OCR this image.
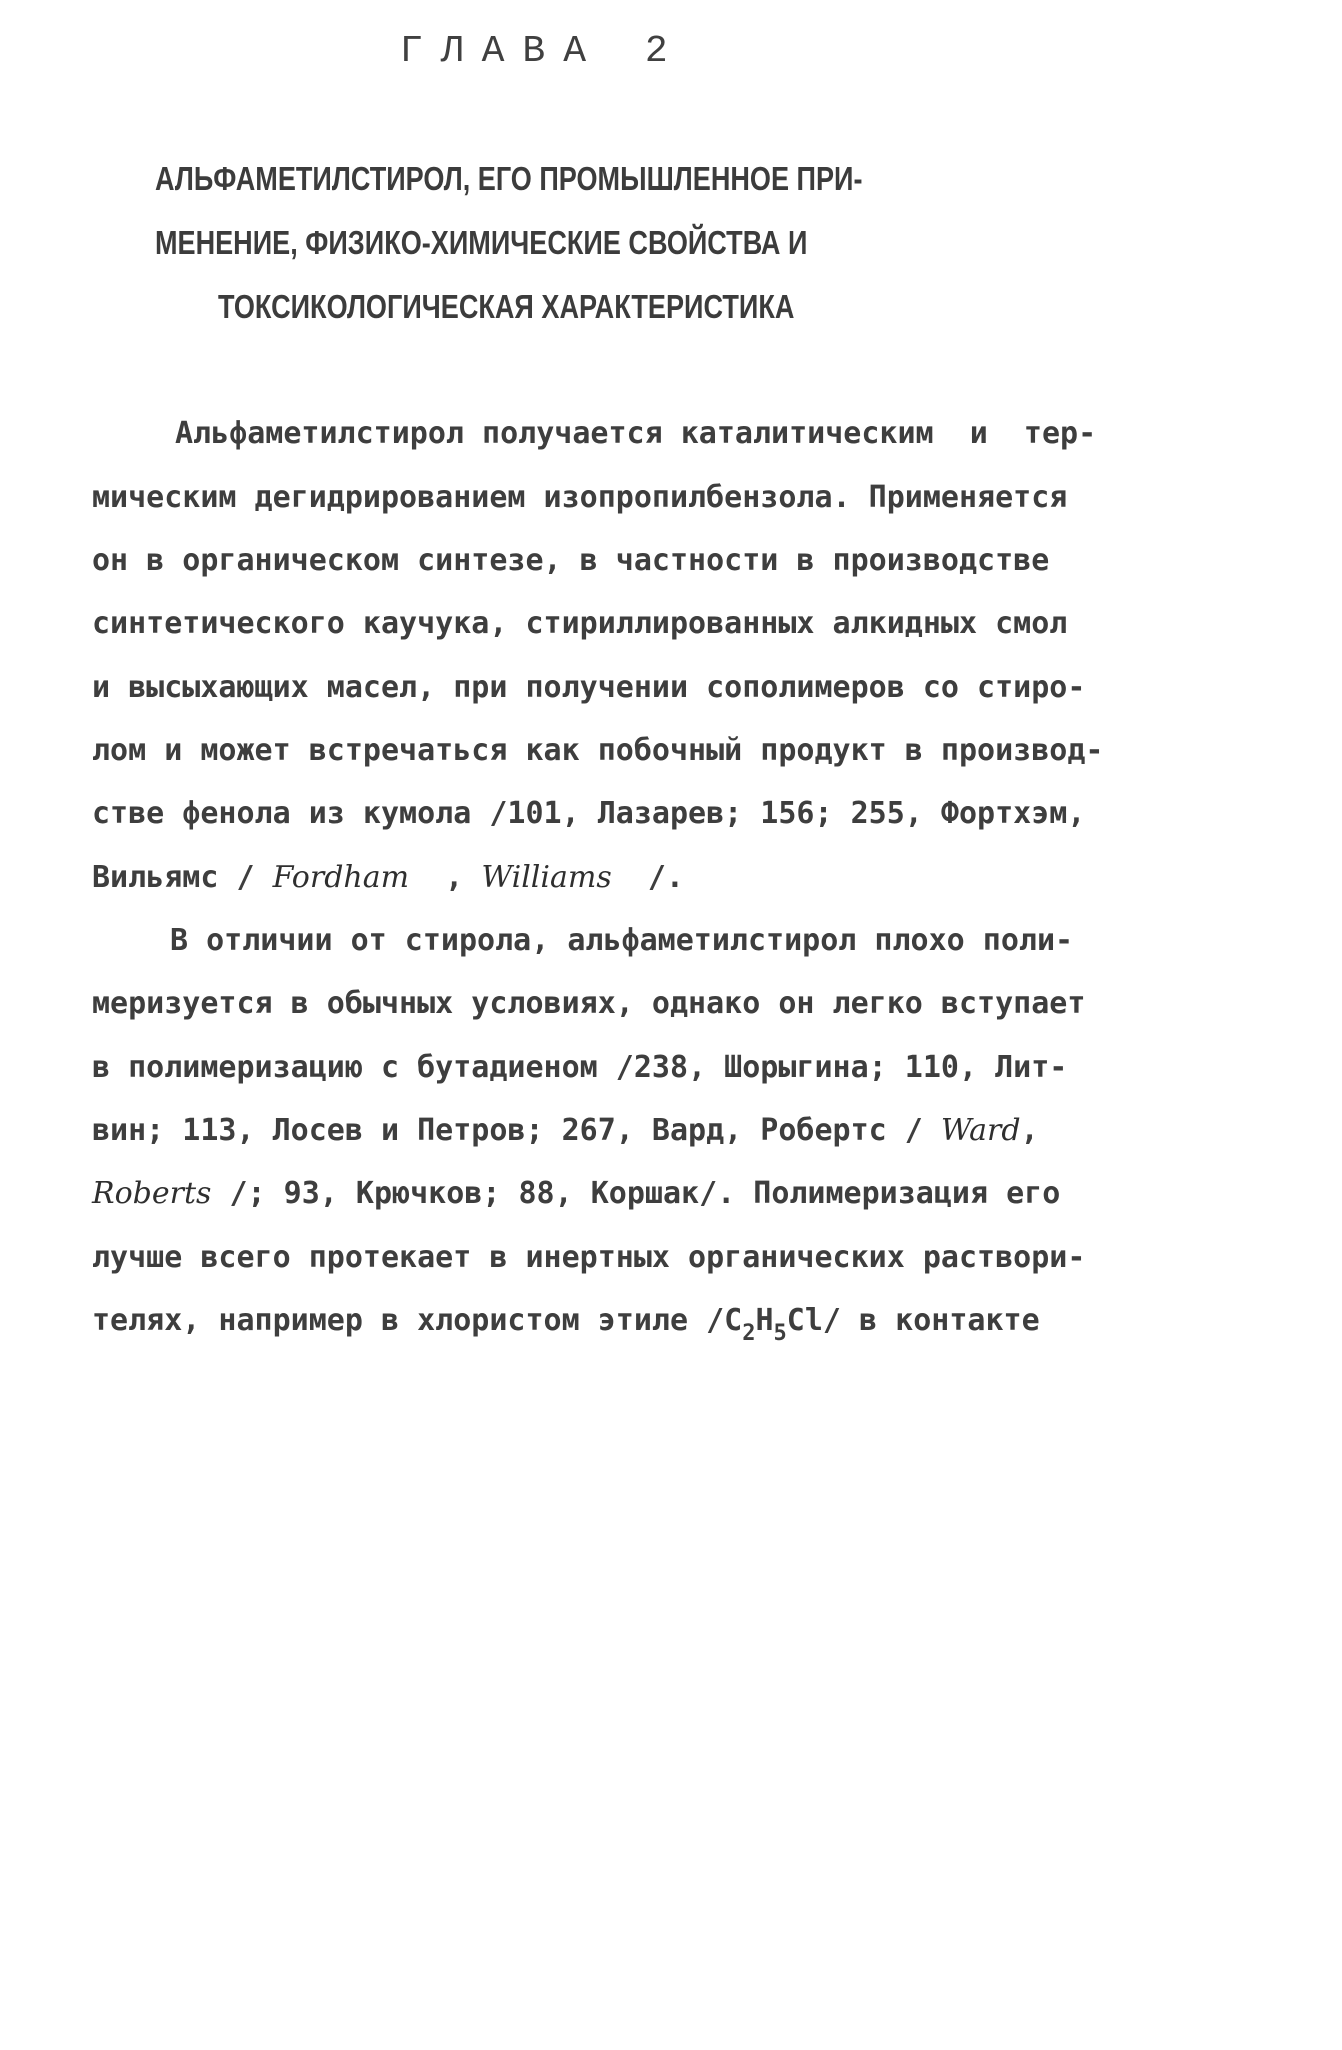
ГЛАВА 2
АЛЬФАМЕТИЛСТИРОЛ, ЕГО ПРОМЫШЛЕННОЕ ПРИ-
МЕНЕНИЕ, ФИЗИКО-ХИМИЧЕСКИЕ СВОЙСТВА И
ТОКСИКОЛОГИЧЕСКАЯ ХАРАКТЕРИСТИКА
Альфаметилстирол получается каталитическим  и  тер-
мическим дегидрированием изопропилбензола. Применяется
он в органическом синтезе, в частности в производстве
синтетического каучука, стириллированных алкидных смол
и высыхающих масел, при получении сополимеров со стиро-
лом и может встречаться как побочный продукт в производ-
стве фенола из кумола /101, Лазарев; 156; 255, Фортхэм,
Вильямс / Fordham  , Williams  /.
В отличии от стирола, альфаметилстирол плохо поли-
меризуется в обычных условиях, однако он легко вступает
в полимеризацию с бутадиеном /238, Шорыгина; 110, Лит-
вин; 113, Лосев и Петров; 267, Вард, Робертс / Ward,
Roberts /; 93, Крючков; 88, Коршак/. Полимеризация его
лучше всего протекает в инертных органических раствори-
телях, например в хлористом этиле $/C_2H_5Cl/$ в контакте
